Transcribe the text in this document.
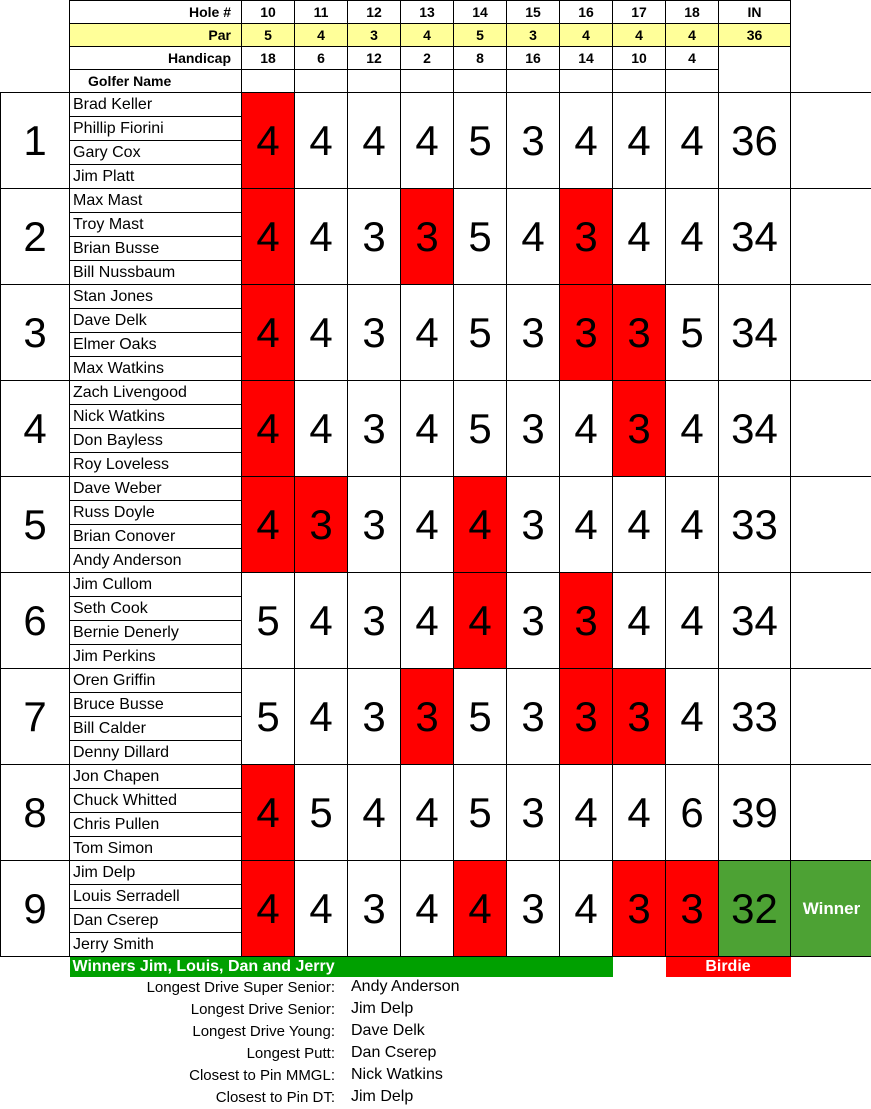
	Hole #	10	11	12	13	14	15	16	17	18	IN		
	Par	5	4	3	4	5	3	4	4	4	36		
	Handicap	18	6	12	2	8	16	14	10	4			
	Golfer Name												
1	Brad Keller	4	4	4	4	5	3	4	4	4	36		
	Phillip Fiorini												
	Gary Cox												
	Jim Platt												
2	Max Mast	4	4	3	3	5	4	3	4	4	34		
	Troy Mast												
	Brian Busse												
	Bill Nussbaum												
3	Stan Jones	4	4	3	4	5	3	3	3	5	34		
	Dave Delk												
	Elmer Oaks												
	Max Watkins												
4	Zach Livengood	4	4	3	4	5	3	4	3	4	34		
	Nick Watkins												
	Don Bayless												
	Roy Loveless												
5	Dave Weber	4	3	3	4	4	3	4	4	4	33		
	Russ Doyle												
	Brian Conover												
	Andy Anderson												
6	Jim Cullom	5	4	3	4	4	3	3	4	4	34		
	Seth Cook												
	Bernie Denerly												
	Jim Perkins												
7	Oren Griffin	5	4	3	3	5	3	3	3	4	33		
	Bruce Busse												
	Bill Calder												
	Denny Dillard												
8	Jon Chapen	4	5	4	4	5	3	4	4	6	39		
	Chuck Whitted												
	Chris Pullen												
	Tom Simon												
9	Jim Delp	4	4	3	4	4	3	4	3	3	32	Winner	
	Louis Serradell												
	Dan Cserep												
	Jerry Smith												
	Winners Jim, Louis, Dan and Jerry									Birdie		
Longest Drive Super Senior: Andy Anderson
Longest Drive Senior: Jim Delp
Longest Drive Young: Dave Delk
Longest Putt: Dan Cserep
Closest to Pin MMGL: Nick Watkins
Closest to Pin DT: Jim Delp
